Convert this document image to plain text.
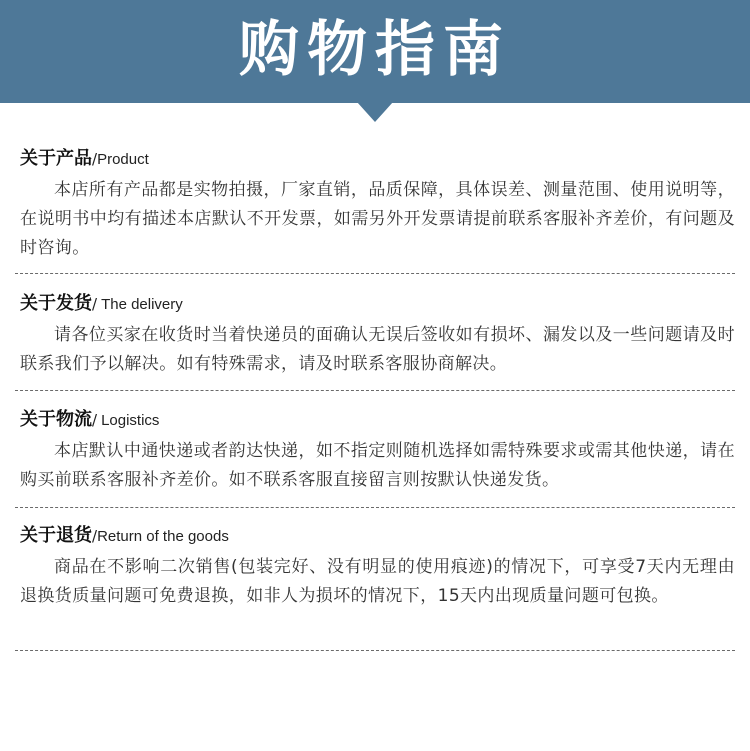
购物指南

关于产品/Product

本店所有产品都是实物拍摄，厂家直销，品质保障，具体误差、测量范围、使用说明等，在说明书中均有描述本店默认不开发票，如需另外开发票请提前联系客服补齐差价，有问题及时咨询。

关于发货/ The delivery

请各位买家在收货时当着快递员的面确认无误后签收如有损坏、漏发以及一些问题请及时联系我们予以解决。如有特殊需求，请及时联系客服协商解决。

关于物流/ Logistics

本店默认中通快递或者韵达快递，如不指定则随机选择如需特殊要求或需其他快递，请在购买前联系客服补齐差价。如不联系客服直接留言则按默认快递发货。

关于退货/Return of the goods

商品在不影响二次销售(包装完好、没有明显的使用痕迹)的情况下，可享受7天内无理由退换货质量问题可免费退换，如非人为损坏的情况下，15天内出现质量问题可包换。
